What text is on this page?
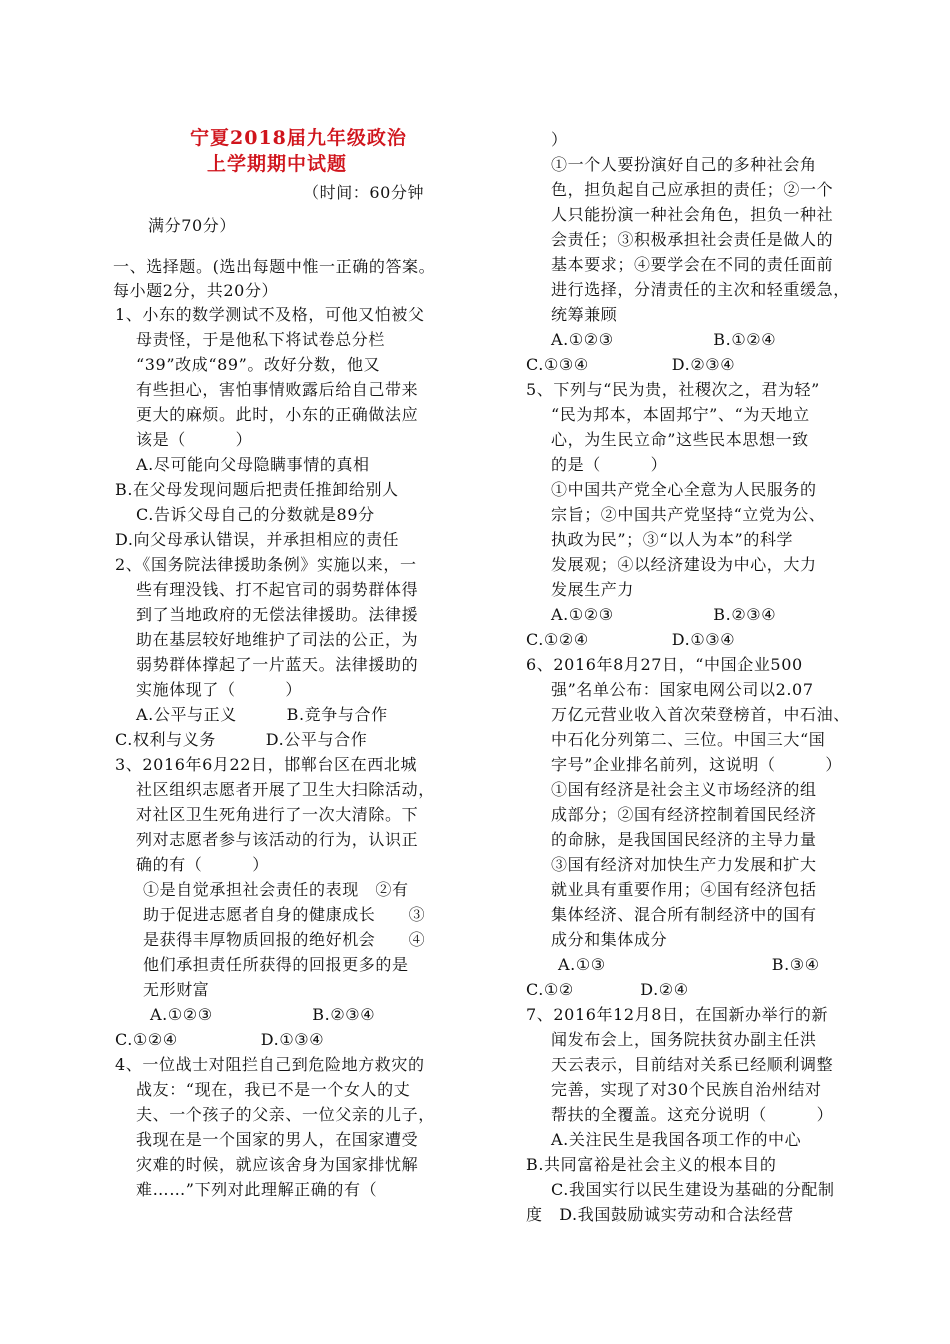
宁夏2018届九年级政治
上学期期中试题
（时间：60分钟
满分70分）
一、选择题。(选出每题中惟一正确的答案。
每小题2分，共20分）
1、小东的数学测试不及格，可他又怕被父
母责怪，于是他私下将试卷总分栏
“39”改成“89”。改好分数，他又
有些担心，害怕事情败露后给自己带来
更大的麻烦。此时，小东的正确做法应
该是（　　　）
A.尽可能向父母隐瞒事情的真相
B.在父母发现问题后把责任推卸给别人
C.告诉父母自己的分数就是89分
D.向父母承认错误，并承担相应的责任
2、《国务院法律援助条例》实施以来，一
些有理没钱、打不起官司的弱势群体得
到了当地政府的无偿法律援助。法律援
助在基层较好地维护了司法的公正，为
弱势群体撑起了一片蓝天。法律援助的
实施体现了（　　　）
A.公平与正义　　　B.竞争与合作
C.权利与义务　　　D.公平与合作
3、2016年6月22日，邯郸台区在西北城
社区组织志愿者开展了卫生大扫除活动，
对社区卫生死角进行了一次大清除。下
列对志愿者参与该活动的行为，认识正
确的有（　　　）
①是自觉承担社会责任的表现　②有
助于促进志愿者自身的健康成长　　③
是获得丰厚物质回报的绝好机会　　④
他们承担责任所获得的回报更多的是
无形财富
A.①②③　　　　　　B.②③④
C.①②④　　　　　D.①③④
4、一位战士对阻拦自己到危险地方救灾的
战友：“现在，我已不是一个女人的丈
夫、一个孩子的父亲、一位父亲的儿子，
我现在是一个国家的男人，在国家遭受
灾难的时候，就应该舍身为国家排忧解
难……”下列对此理解正确的有（
）
①一个人要扮演好自己的多种社会角
色，担负起自己应承担的责任；②一个
人只能扮演一种社会角色，担负一种社
会责任；③积极承担社会责任是做人的
基本要求；④要学会在不同的责任面前
进行选择，分清责任的主次和轻重缓急，
统筹兼顾
A.①②③　　　　　　B.①②④
C.①③④　　　　　D.②③④
5、下列与“民为贵，社稷次之，君为轻”
“民为邦本，本固邦宁”、“为天地立
心，为生民立命”这些民本思想一致
的是（　　　）
①中国共产党全心全意为人民服务的
宗旨；②中国共产党坚持“立党为公、
执政为民”；③“以人为本”的科学
发展观；④以经济建设为中心，大力
发展生产力
A.①②③　　　　　　B.②③④
C.①②④　　　　　D.①③④
6、2016年8月27日，“中国企业500
强”名单公布：国家电网公司以2.07
万亿元营业收入首次荣登榜首，中石油、
中石化分列第二、三位。中国三大“国
字号”企业排名前列，这说明（　　　）
①国有经济是社会主义市场经济的组
成部分；②国有经济控制着国民经济
的命脉，是我国国民经济的主导力量
③国有经济对加快生产力发展和扩大
就业具有重要作用；④国有经济包括
集体经济、混合所有制经济中的国有
成分和集体成分
A.①③　　　　　　　　　　B.③④
C.①②　　　　D.②④
7、2016年12月8日，在国新办举行的新
闻发布会上，国务院扶贫办副主任洪
天云表示，目前结对关系已经顺利调整
完善，实现了对30个民族自治州结对
帮扶的全覆盖。这充分说明（　　　）
A.关注民生是我国各项工作的中心
B.共同富裕是社会主义的根本目的
C.我国实行以民生建设为基础的分配制
度　D.我国鼓励诚实劳动和合法经营
